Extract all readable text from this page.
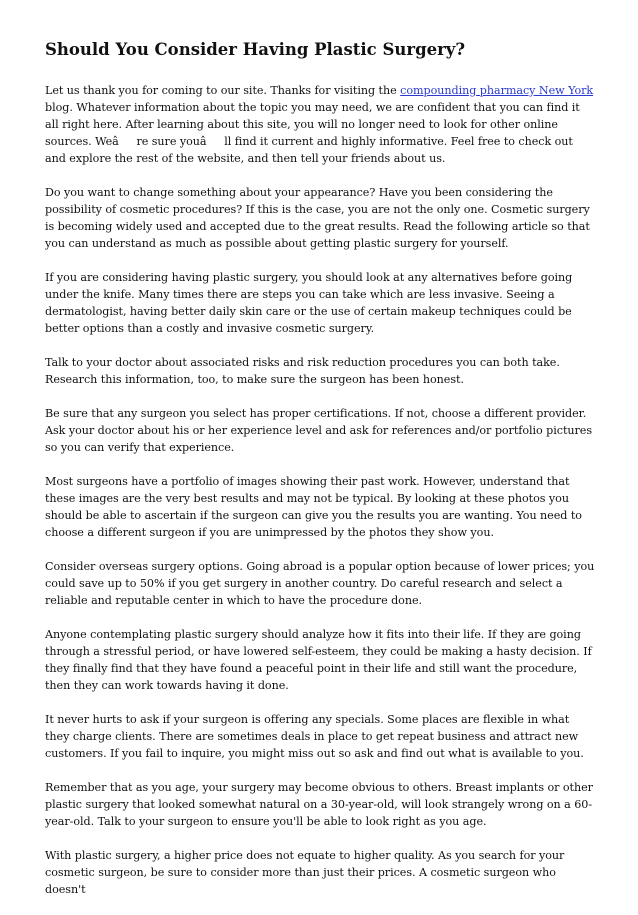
Should You Consider Having Plastic Surgery?

Let us thank you for coming to our site. Thanks for visiting the compounding pharmacy New York blog. Whatever information about the topic you may need, we are confident that you can find it all right here. After learning about this site, you will no longer need to look for other online sources. Weâre sure youâll find it current and highly informative. Feel free to check out and explore the rest of the website, and then tell your friends about us.

Do you want to change something about your appearance? Have you been considering the possibility of cosmetic procedures? If this is the case, you are not the only one. Cosmetic surgery is becoming widely used and accepted due to the great results. Read the following article so that you can understand as much as possible about getting plastic surgery for yourself.

If you are considering having plastic surgery, you should look at any alternatives before going under the knife. Many times there are steps you can take which are less invasive. Seeing a dermatologist, having better daily skin care or the use of certain makeup techniques could be better options than a costly and invasive cosmetic surgery.

Talk to your doctor about associated risks and risk reduction procedures you can both take. Research this information, too, to make sure the surgeon has been honest.

Be sure that any surgeon you select has proper certifications. If not, choose a different provider. Ask your doctor about his or her experience level and ask for references and/or portfolio pictures so you can verify that experience.

Most surgeons have a portfolio of images showing their past work. However, understand that these images are the very best results and may not be typical. By looking at these photos you should be able to ascertain if the surgeon can give you the results you are wanting. You need to choose a different surgeon if you are unimpressed by the photos they show you.

Consider overseas surgery options. Going abroad is a popular option because of lower prices; you could save up to 50% if you get surgery in another country. Do careful research and select a reliable and reputable center in which to have the procedure done.

Anyone contemplating plastic surgery should analyze how it fits into their life. If they are going through a stressful period, or have lowered self-esteem, they could be making a hasty decision. If they finally find that they have found a peaceful point in their life and still want the procedure, then they can work towards having it done.

It never hurts to ask if your surgeon is offering any specials. Some places are flexible in what they charge clients. There are sometimes deals in place to get repeat business and attract new customers. If you fail to inquire, you might miss out so ask and find out what is available to you.

Remember that as you age, your surgery may become obvious to others. Breast implants or other plastic surgery that looked somewhat natural on a 30-year-old, will look strangely wrong on a 60-year-old. Talk to your surgeon to ensure you'll be able to look right as you age.

With plastic surgery, a higher price does not equate to higher quality. As you search for your cosmetic surgeon, be sure to consider more than just their prices. A cosmetic surgeon who doesn't
